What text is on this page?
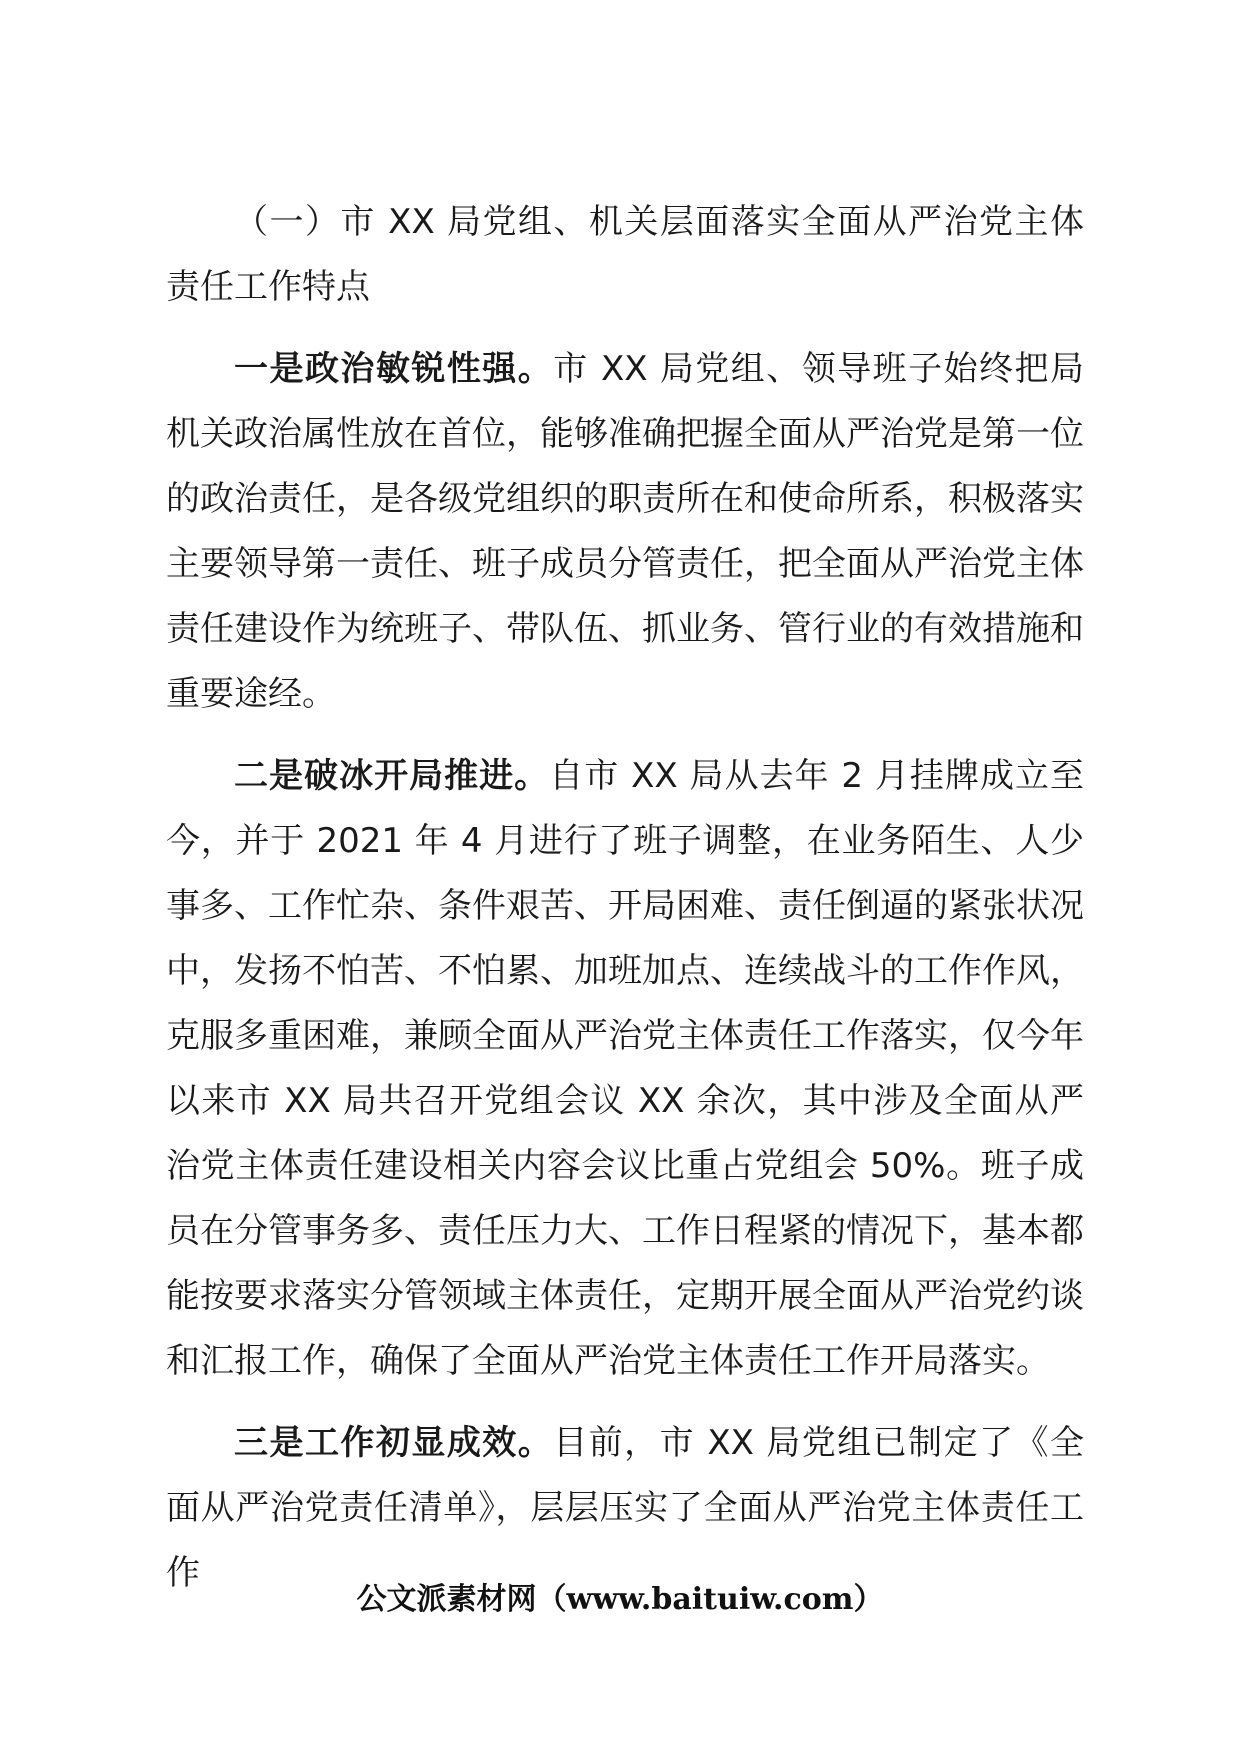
（一）市 XX 局党组、机关层面落实全面从严治党主体责任工作特点

一是政治敏锐性强。市 XX 局党组、领导班子始终把局机关政治属性放在首位，能够准确把握全面从严治党是第一位的政治责任，是各级党组织的职责所在和使命所系，积极落实主要领导第一责任、班子成员分管责任，把全面从严治党主体责任建设作为统班子、带队伍、抓业务、管行业的有效措施和重要途经。

二是破冰开局推进。自市 XX 局从去年 2 月挂牌成立至今，并于 2021 年 4 月进行了班子调整，在业务陌生、人少事多、工作忙杂、条件艰苦、开局困难、责任倒逼的紧张状况中，发扬不怕苦、不怕累、加班加点、连续战斗的工作作风，克服多重困难，兼顾全面从严治党主体责任工作落实，仅今年以来市 XX 局共召开党组会议 XX 余次，其中涉及全面从严治党主体责任建设相关内容会议比重占党组会 50%。班子成员在分管事务多、责任压力大、工作日程紧的情况下，基本都能按要求落实分管领域主体责任，定期开展全面从严治党约谈和汇报工作，确保了全面从严治党主体责任工作开局落实。

三是工作初显成效。目前，市 XX 局党组已制定了《全面从严治党责任清单》，层层压实了全面从严治党主体责任工作

公文派素材网（www.baituiw.com）
